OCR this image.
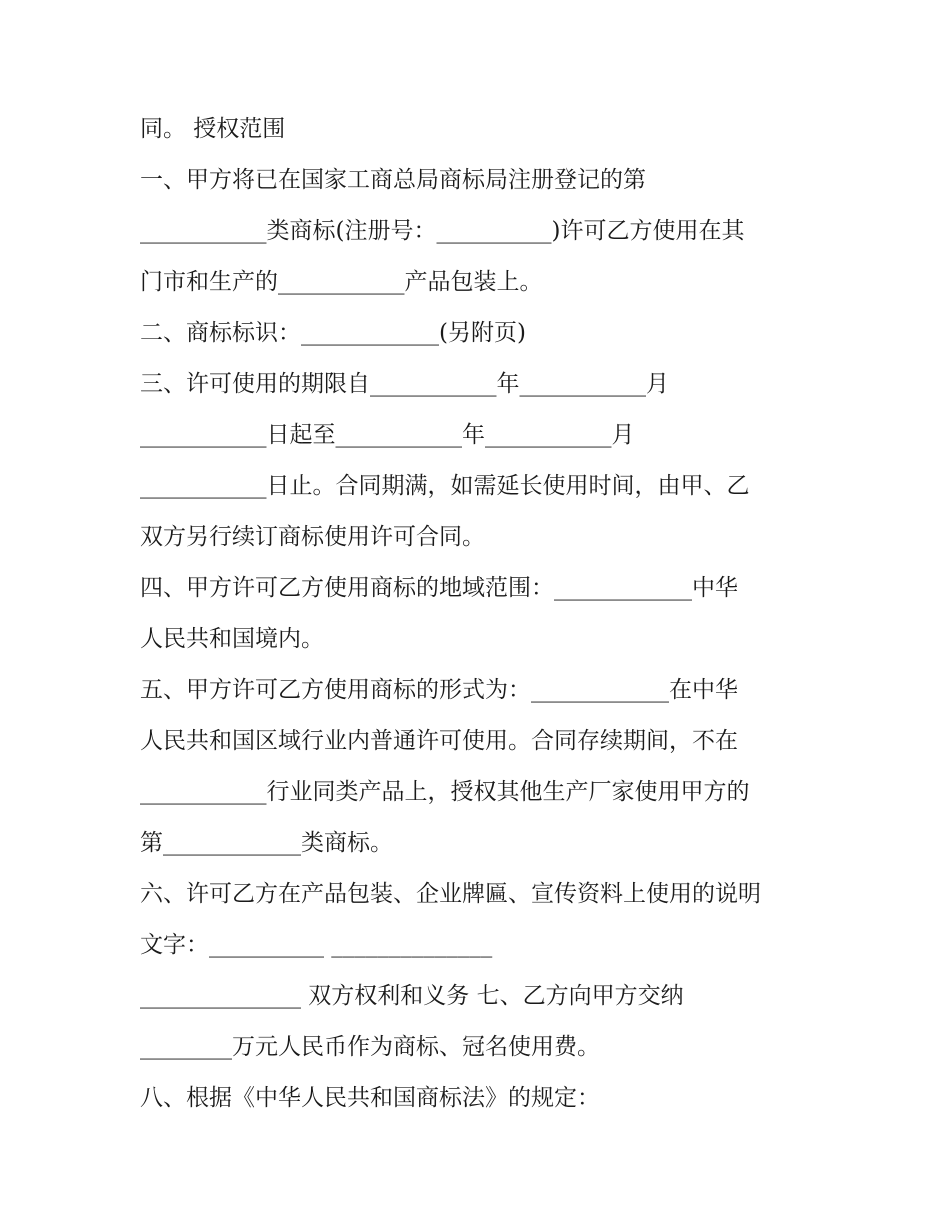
同。 授权范围
一、甲方将已在国家工商总局商标局注册登记的第
___________类商标(注册号：__________)许可乙方使用在其
门市和生产的___________产品包装上。
二、商标标识：____________(另附页)
三、许可使用的期限自___________年___________月
___________日起至___________年___________月
___________日止。合同期满，如需延长使用时间，由甲、乙
双方另行续订商标使用许可合同。
四、甲方许可乙方使用商标的地域范围：____________中华
人民共和国境内。
五、甲方许可乙方使用商标的形式为：____________在中华
人民共和国区域行业内普通许可使用。合同存续期间，不在
___________行业同类产品上，授权其他生产厂家使用甲方的
第____________类商标。
六、许可乙方在产品包装、企业牌匾、宣传资料上使用的说明
文字：__________ ______________
______________ 双方权利和义务 七、乙方向甲方交纳
________万元人民币作为商标、冠名使用费。
八、根据《中华人民共和国商标法》的规定：
